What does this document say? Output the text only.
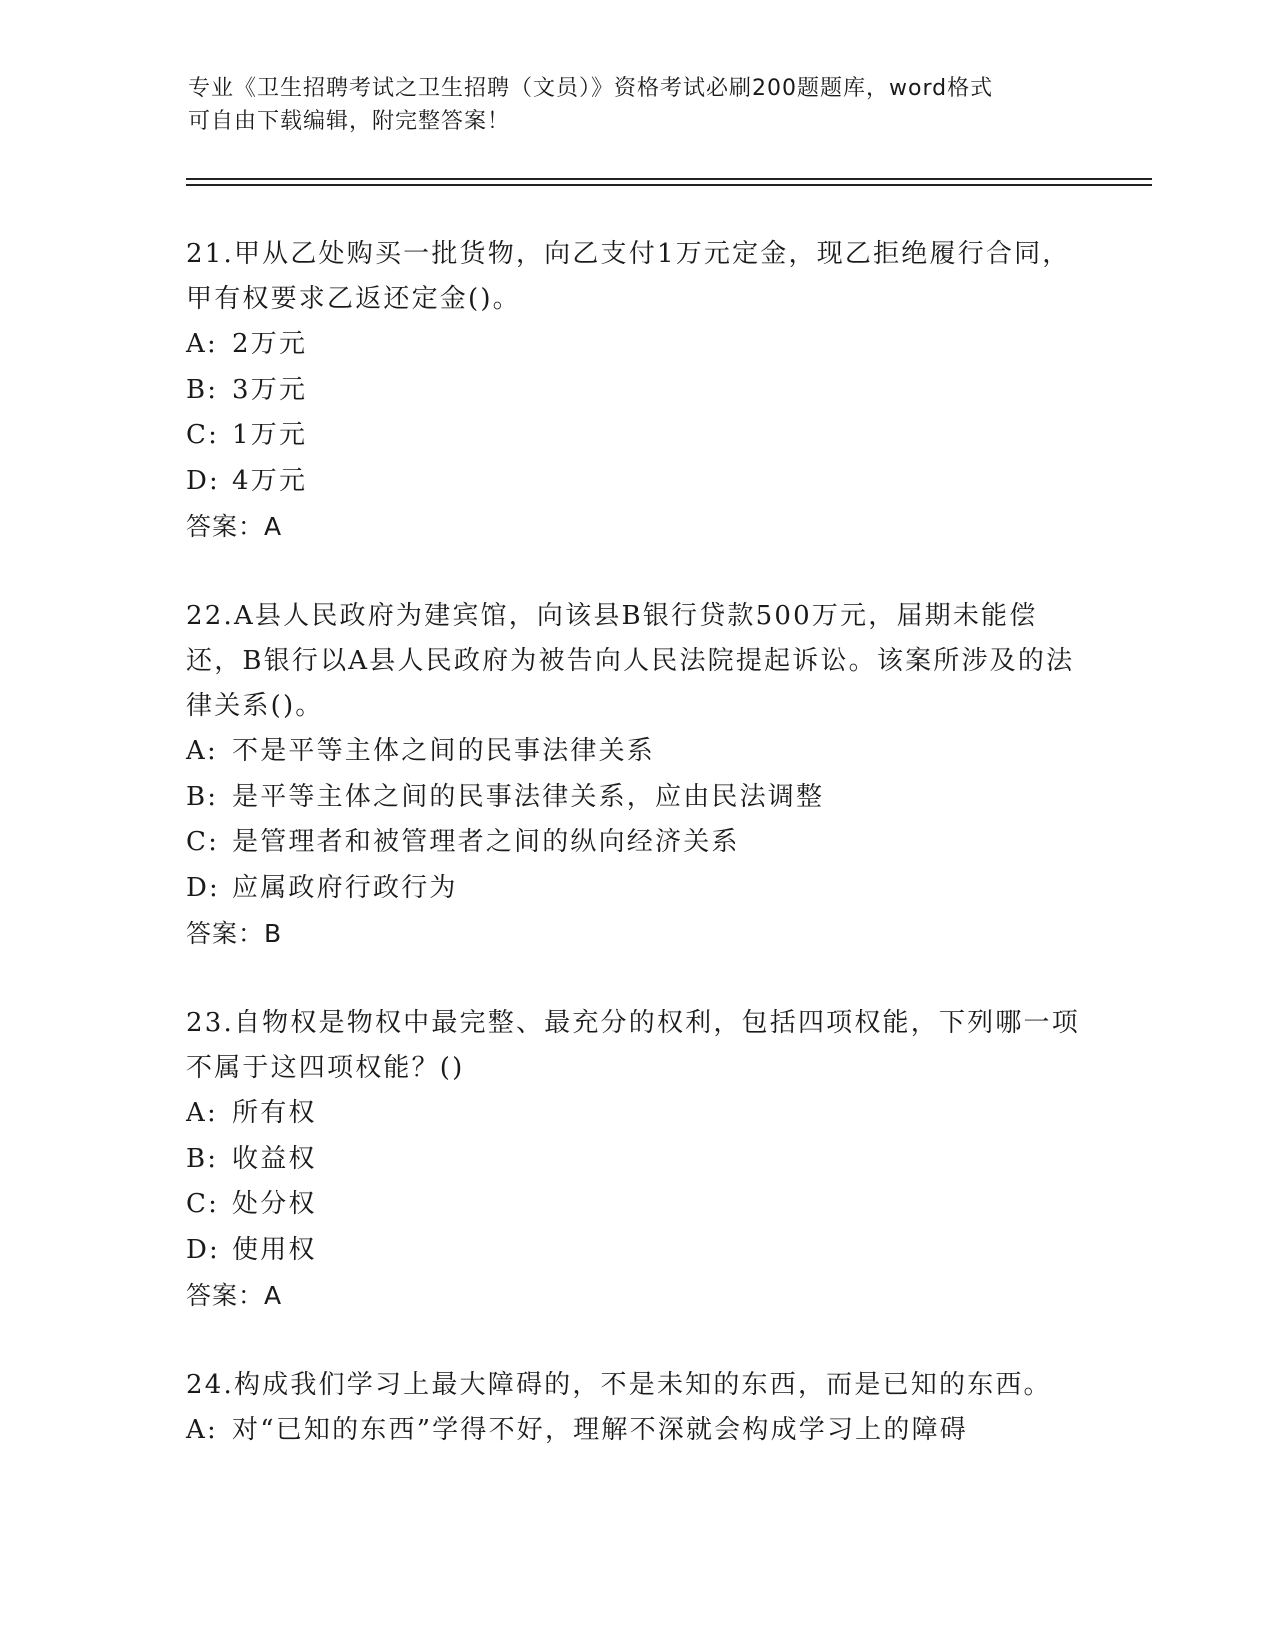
专业《卫生招聘考试之卫生招聘（文员）》资格考试必刷200题题库，word格式
可自由下载编辑，附完整答案！

21.甲从乙处购买一批货物，向乙支付1万元定金，现乙拒绝履行合同，甲有权要求乙返还定金()。

A: 2万元

B: 3万元

C: 1万元

D: 4万元

答案：A

22.A县人民政府为建宾馆，向该县B银行贷款500万元，届期未能偿还，B银行以A县人民政府为被告向人民法院提起诉讼。该案所涉及的法律关系()。

A: 不是平等主体之间的民事法律关系

B: 是平等主体之间的民事法律关系，应由民法调整

C: 是管理者和被管理者之间的纵向经济关系

D: 应属政府行政行为

答案：B

23.自物权是物权中最完整、最充分的权利，包括四项权能，下列哪一项不属于这四项权能？()

A: 所有权

B: 收益权

C: 处分权

D: 使用权

答案：A

24.构成我们学习上最大障碍的，不是未知的东西，而是已知的东西。

A: 对“已知的东西”学得不好，理解不深就会构成学习上的障碍
